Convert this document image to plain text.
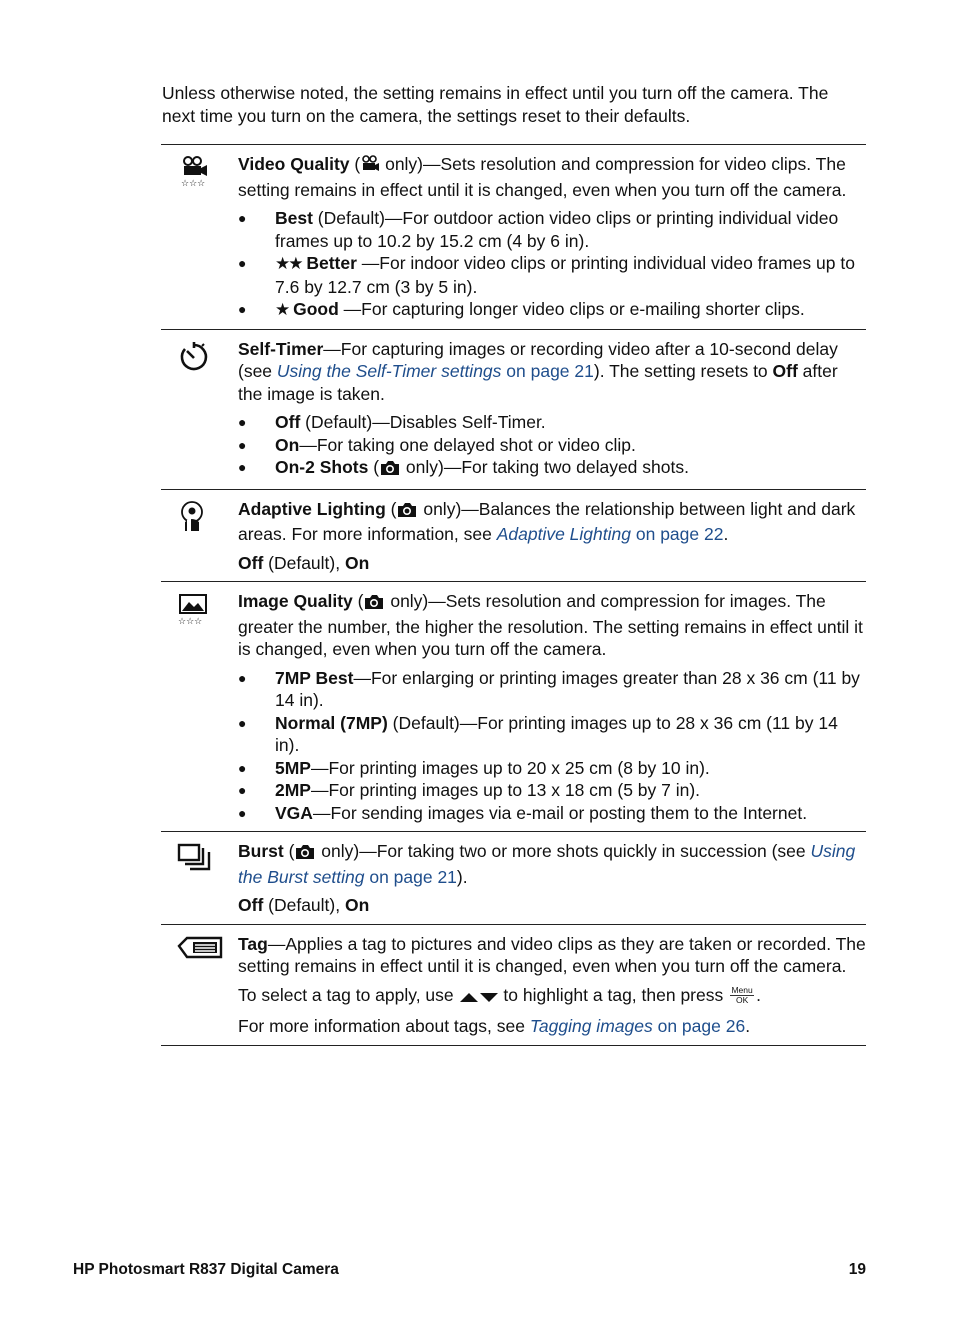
Unless otherwise noted, the setting remains in effect until you turn off the camera. The next time you turn on the camera, the settings reset to their defaults.

☆☆☆

Video Quality ( only)—Sets resolution and compression for video clips. The setting remains in effect until it is changed, even when you turn off the camera.

● Best (Default)—For outdoor action video clips or printing individual video frames up to 10.2 by 15.2 cm (4 by 6 in).
● ★★ Better —For indoor video clips or printing individual video frames up to 7.6 by 12.7 cm (3 by 5 in).
● ★ Good —For capturing longer video clips or e-mailing shorter clips.

Self-Timer—For capturing images or recording video after a 10-second delay (see Using the Self-Timer settings on page 21). The setting resets to Off after the image is taken.

● Off (Default)—Disables Self-Timer.
● On—For taking one delayed shot or video clip.
● On-2 Shots ( only)—For taking two delayed shots.

Adaptive Lighting ( only)—Balances the relationship between light and dark areas. For more information, see Adaptive Lighting on page 22.

Off (Default), On

☆☆☆

Image Quality ( only)—Sets resolution and compression for images. The greater the number, the higher the resolution. The setting remains in effect until it is changed, even when you turn off the camera.

● 7MP Best—For enlarging or printing images greater than 28 x 36 cm (11 by 14 in).
● Normal (7MP) (Default)—For printing images up to 28 x 36 cm (11 by 14 in).
● 5MP—For printing images up to 20 x 25 cm (8 by 10 in).
● 2MP—For printing images up to 13 x 18 cm (5 by 7 in).
● VGA—For sending images via e-mail or posting them to the Internet.

Burst ( only)—For taking two or more shots quickly in succession (see Using the Burst setting on page 21).

Off (Default), On

Tag—Applies a tag to pictures and video clips as they are taken or recorded. The setting remains in effect until it is changed, even when you turn off the camera.

To select a tag to apply, use  to highlight a tag, then press Menu
OK .

For more information about tags, see Tagging images on page 26.

HP Photosmart R837 Digital Camera	19
